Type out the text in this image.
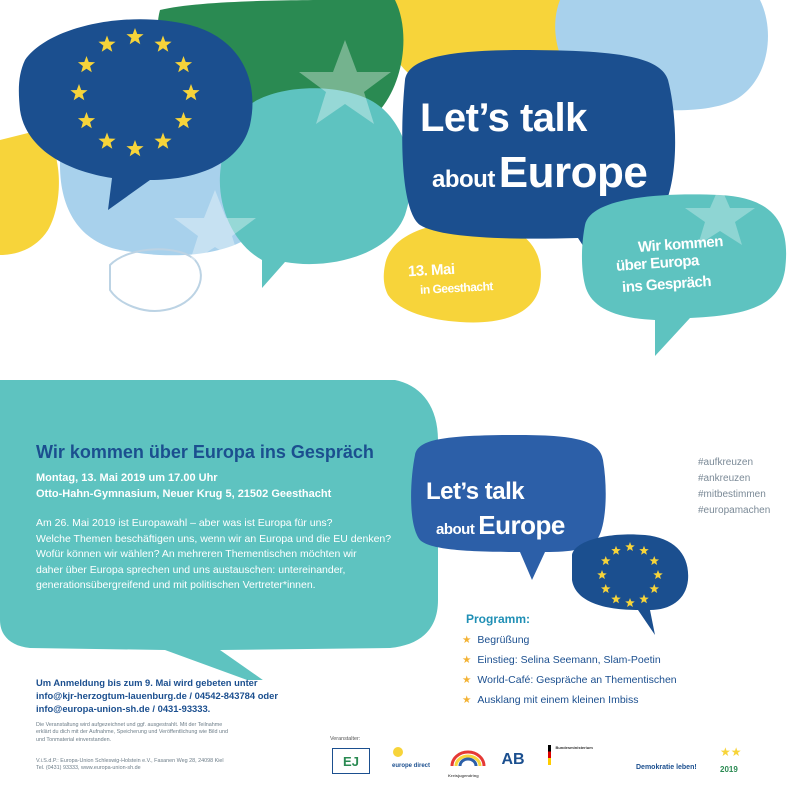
Let’s talk
about Europe
13. Mai
in Geesthacht
Wir kommen
über Europa
ins Gespräch
Let’s talk
about Europe
Wir kommen über Europa ins Gespräch
Montag, 13. Mai 2019 um 17.00 Uhr
Otto-Hahn-Gymnasium, Neuer Krug 5, 21502 Geesthacht
Am 26. Mai 2019 ist Europawahl – aber was ist Europa für uns?
Welche Themen beschäftigen uns, wenn wir an Europa und die EU denken?
Wofür können wir wählen? An mehreren Thementischen möchten wir
daher über Europa sprechen und uns austauschen: untereinander,
generationsübergreifend und mit politischen Vertreter*innen.
#aufkreuzen
#ankreuzen
#mitbestimmen
#europamachen
Programm:
★ Begrüßung
★ Einstieg: Selina Seemann, Slam-Poetin
★ World-Café: Gespräche an Thementischen
★ Ausklang mit einem kleinen Imbiss
Um Anmeldung bis zum 9. Mai wird gebeten unter
info@kjr-herzogtum-lauenburg.de / 04542-843784 oder
info@europa-union-sh.de / 0431-93333.
Die Veranstaltung wird aufgezeichnet und ggf. ausgestrahlt. Mit der Teilnahme
erklärt du dich mit der Aufnahme, Speicherung und Veröffentlichung wie Bild und
und Tonmaterial einverstanden.
V.i.S.d.P.: Europa-Union Schleswig-Holstein e.V., Fasanen Weg 28, 24098 Kiel
Tel. (0431) 93333, www.europa-union-sh.de
Veranstalter:
EJ	europe direct
Kreisjugendring
AB
Bundesministerium
Demokratie leben!
★★
2019
